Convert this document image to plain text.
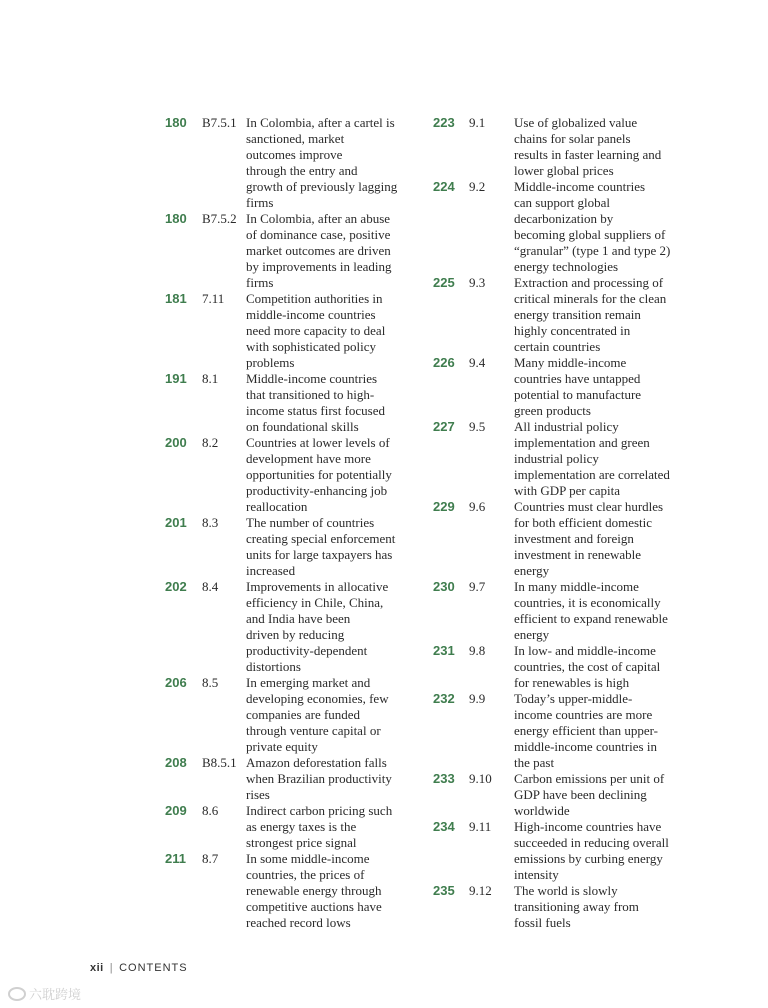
180	B7.5.1 In Colombia, after a cartel is
sanctioned, market
outcomes improve
through the entry and
growth of previously lagging
firms
180	B7.5.2 In Colombia, after an abuse
of dominance case, positive
market outcomes are driven
by improvements in leading
firms
181	7.11	Competition authorities in
middle-income countries
need more capacity to deal
with sophisticated policy
problems
191	8.1	Middle-income countries
that transitioned to high-
income status first focused
on foundational skills
200	8.2	Countries at lower levels of
development have more
opportunities for potentially
productivity-enhancing job
reallocation
201	8.3	The number of countries
creating special enforcement
units for large taxpayers has
increased
202	8.4	Improvements in allocative
efficiency in Chile, China,
and India have been
driven by reducing
productivity-dependent
distortions
206	8.5	In emerging market and
developing economies, few
companies are funded
through venture capital or
private equity
208	B8.5.1 Amazon deforestation falls
when Brazilian productivity
rises
209	8.6	Indirect carbon pricing such
as energy taxes is the
strongest price signal
211	8.7	In some middle-income
countries, the prices of
renewable energy through
competitive auctions have
reached record lows
223	9.1	Use of globalized value
chains for solar panels
results in faster learning and
lower global prices
224	9.2	Middle-income countries
can support global
decarbonization by
becoming global suppliers of
“granular” (type 1 and type 2)
energy technologies
225	9.3	Extraction and processing of
critical minerals for the clean
energy transition remain
highly concentrated in
certain countries
226	9.4	Many middle-income
countries have untapped
potential to manufacture
green products
227	9.5	All industrial policy
implementation and green
industrial policy
implementation are correlated
with GDP per capita
229	9.6	Countries must clear hurdles
for both efficient domestic
investment and foreign
investment in renewable
energy
230	9.7	In many middle-income
countries, it is economically
efficient to expand renewable
energy
231	9.8	In low- and middle-income
countries, the cost of capital
for renewables is high
232	9.9	Today’s upper-middle-
income countries are more
energy efficient than upper-
middle-income countries in
the past
233	9.10	Carbon emissions per unit of
GDP have been declining
worldwide
234	9.11	High-income countries have
succeeded in reducing overall
emissions by curbing energy
intensity
235	9.12	The world is slowly
transitioning away from
fossil fuels
xii | CONTENTS
六耽跨境
